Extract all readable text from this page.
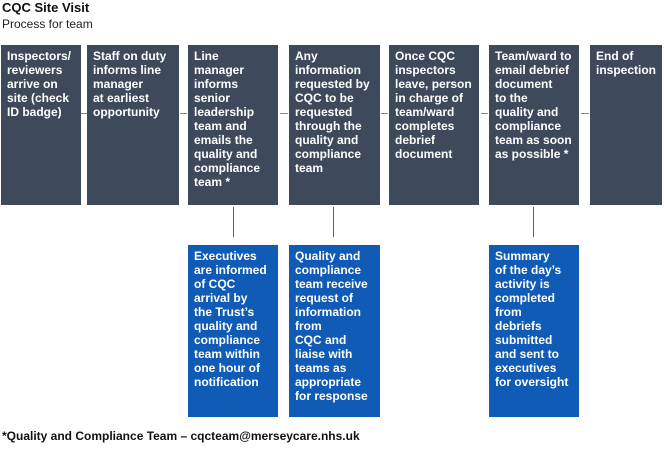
CQC Site Visit
Process for team
Inspectors/
reviewers
arrive on
site (check
ID badge)
Staff on duty
informs line
manager
at earliest
opportunity
Line
manager
informs
senior
leadership
team and
emails the
quality and
compliance
team *
Any
information
requested by
CQC to be
requested
through the
quality and
compliance
team
Once CQC
inspectors
leave, person
in charge of
team/ward
completes
debrief
document
Team/ward to
email debrief
document
to the
quality and
compliance
team as soon
as possible *
End of
inspection
Executives
are informed
of CQC
arrival by
the Trust’s
quality and
compliance
team within
one hour of
notification
Quality and
compliance
team receive
request of
information
from
CQC and
liaise with
teams as
appropriate
for response
Summary
of the day’s
activity is
completed
from
debriefs
submitted
and sent to
executives
for oversight
*Quality and Compliance Team – cqcteam@merseycare.nhs.uk
